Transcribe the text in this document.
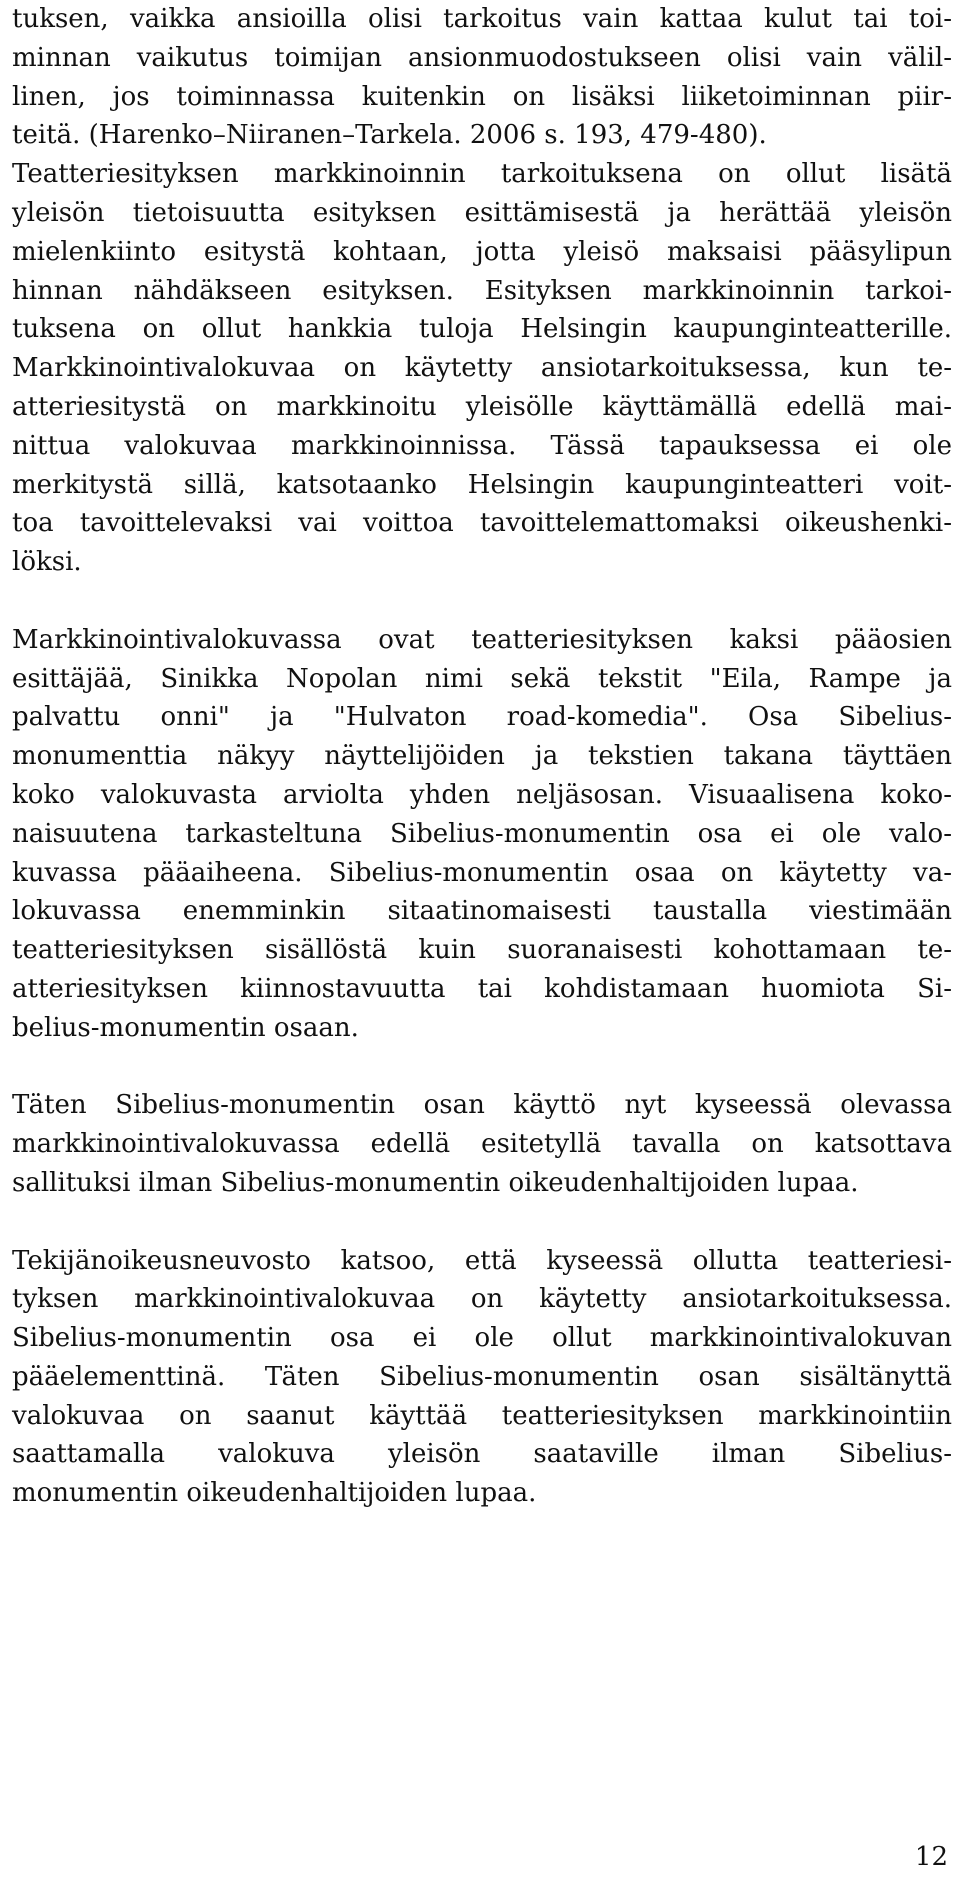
tuksen, vaikka ansioilla olisi tarkoitus vain kattaa kulut tai toi-
minnan vaikutus toimijan ansionmuodostukseen olisi vain välil-
linen, jos toiminnassa kuitenkin on lisäksi liiketoiminnan piir-
teitä. (Harenko–Niiranen–Tarkela. 2006 s. 193, 479-480).
Teatteriesityksen markkinoinnin tarkoituksena on ollut lisätä
yleisön tietoisuutta esityksen esittämisestä ja herättää yleisön
mielenkiinto esitystä kohtaan, jotta yleisö maksaisi pääsylipun
hinnan nähdäkseen esityksen. Esityksen markkinoinnin tarkoi-
tuksena on ollut hankkia tuloja Helsingin kaupunginteatterille.
Markkinointivalokuvaa on käytetty ansiotarkoituksessa, kun te-
atteriesitystä on markkinoitu yleisölle käyttämällä edellä mai-
nittua valokuvaa markkinoinnissa. Tässä tapauksessa ei ole
merkitystä sillä, katsotaanko Helsingin kaupunginteatteri voit-
toa tavoittelevaksi vai voittoa tavoittelemattomaksi oikeushenki-
löksi.
Markkinointivalokuvassa ovat teatteriesityksen kaksi pääosien
esittäjää, Sinikka Nopolan nimi sekä tekstit "Eila, Rampe ja
palvattu onni" ja "Hulvaton road-komedia". Osa Sibelius-
monumenttia näkyy näyttelijöiden ja tekstien takana täyttäen
koko valokuvasta arviolta yhden neljäsosan. Visuaalisena koko-
naisuutena tarkasteltuna Sibelius-monumentin osa ei ole valo-
kuvassa pääaiheena. Sibelius-monumentin osaa on käytetty va-
lokuvassa enemminkin sitaatinomaisesti taustalla viestimään
teatteriesityksen sisällöstä kuin suoranaisesti kohottamaan te-
atteriesityksen kiinnostavuutta tai kohdistamaan huomiota Si-
belius-monumentin osaan.
Täten Sibelius-monumentin osan käyttö nyt kyseessä olevassa
markkinointivalokuvassa edellä esitetyllä tavalla on katsottava
sallituksi ilman Sibelius-monumentin oikeudenhaltijoiden lupaa.
Tekijänoikeusneuvosto katsoo, että kyseessä ollutta teatteriesi-
tyksen markkinointivalokuvaa on käytetty ansiotarkoituksessa.
Sibelius-monumentin osa ei ole ollut markkinointivalokuvan
pääelementtinä. Täten Sibelius-monumentin osan sisältänyttä
valokuvaa on saanut käyttää teatteriesityksen markkinointiin
saattamalla valokuva yleisön saataville ilman Sibelius-
monumentin oikeudenhaltijoiden lupaa.
12
